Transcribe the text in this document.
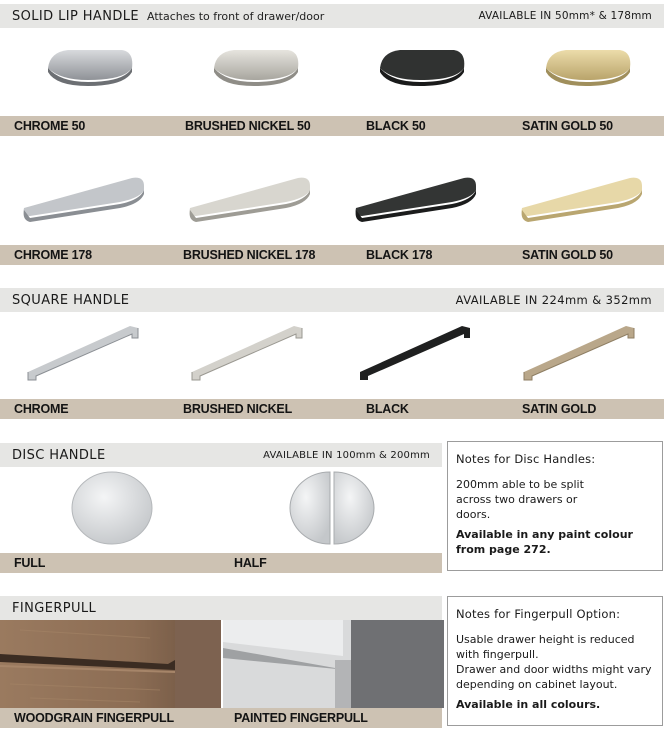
SOLID LIP HANDLE Attaches to front of drawer/door	AVAILABLE IN 50mm* & 178mm
CHROME 50	BRUSHED NICKEL 50	BLACK 50	SATIN GOLD 50
CHROME 178	BRUSHED NICKEL 178	BLACK 178	SATIN GOLD 50
SQUARE HANDLE	AVAILABLE IN 224mm & 352mm
CHROME	BRUSHED NICKEL	BLACK	SATIN GOLD
DISC HANDLE	AVAILABLE IN 100mm & 200mm
FULL	HALF
Notes for Disc Handles:
200mm able to be split across two drawers or doors.
Available in any paint colour from page 272.
FINGERPULL
WOODGRAIN FINGERPULL	PAINTED FINGERPULL
Notes for Fingerpull Option:
Usable drawer height is reduced with fingerpull.
Drawer and door widths might vary depending on cabinet layout.
Available in all colours.
